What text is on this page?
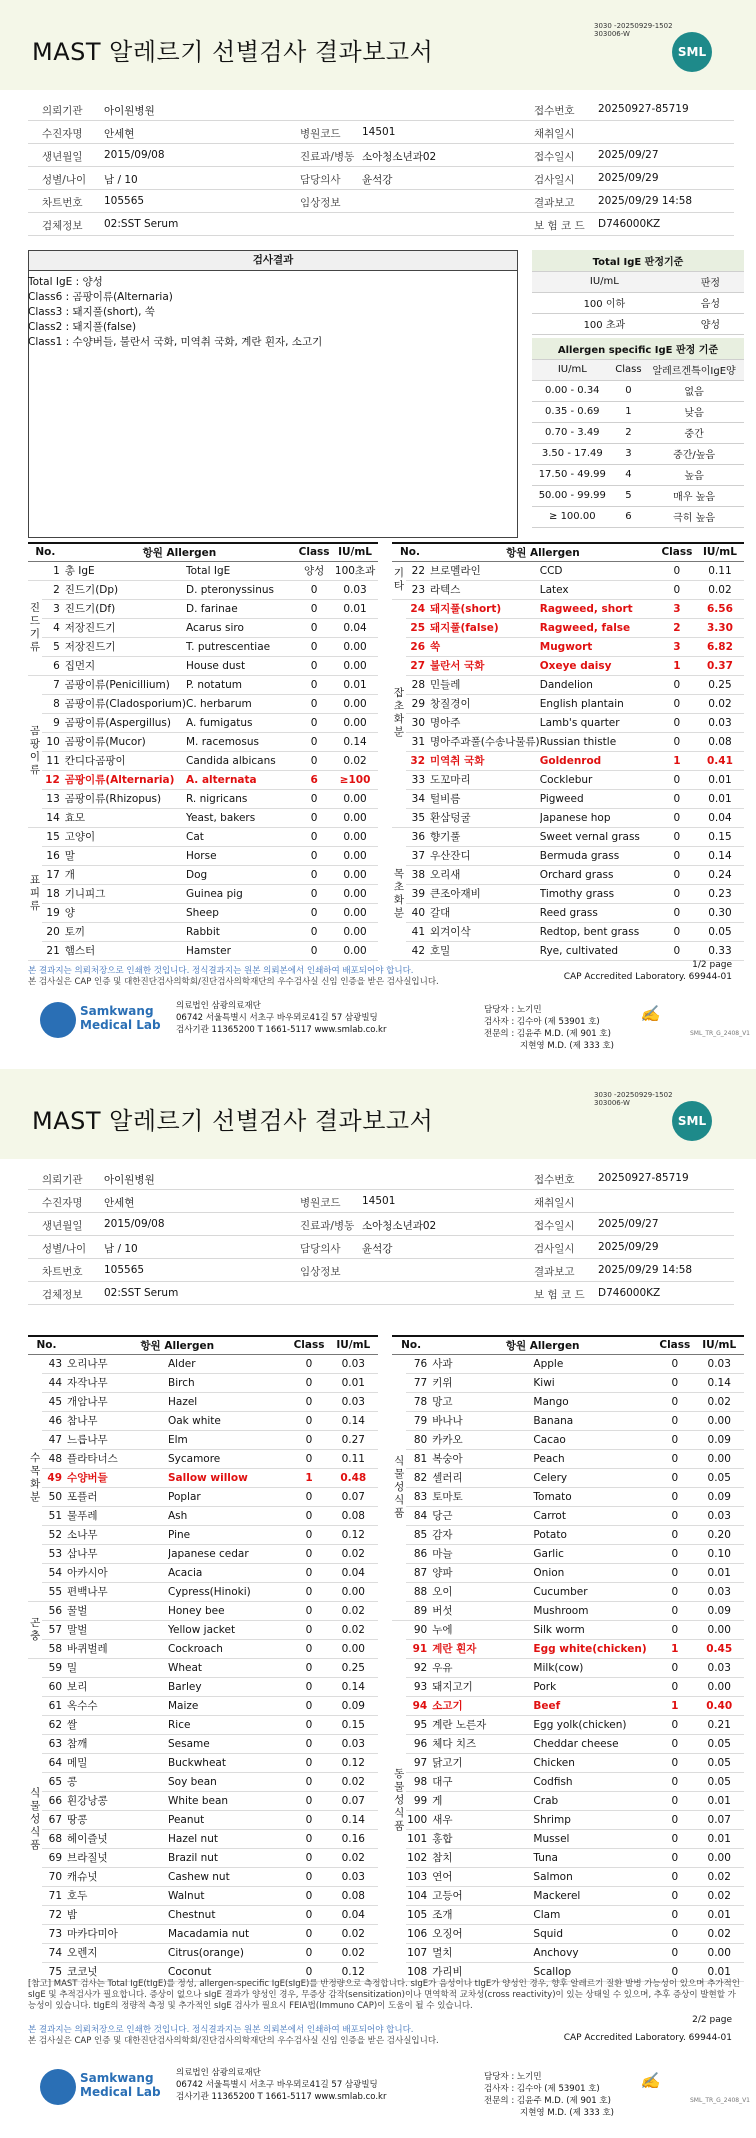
MAST 알레르기 선별검사 결과보고서
3030 -20250929-1502
303006-W
SML
의뢰기관 아이원병원	접수번호 20250927-85719
수진자명 안세현	병원코드 14501	채취일시
생년월일 2015/09/08	진료과/병동 소아청소년과02	접수일시 2025/09/27
성별/나이 남 / 10	담당의사 윤석강	검사일시 2025/09/29
차트번호 105565	임상정보	결과보고 2025/09/29 14:58
검체정보 02:SST Serum	보 험 코 드 D746000KZ
검사결과
Total IgE : 양성
Class6 : 곰팡이류(Alternaria)
Class3 : 돼지풀(short), 쑥
Class2 : 돼지풀(false)
Class1 : 수양버들, 불란서 국화, 미역취 국화, 계란 흰자, 소고기
Total IgE 판정기준	
IU/mL	판정
100 이하	음성
100 초과	양성
Allergen specific IgE 판정 기준		
IU/mL	Class	알레르겐특이IgE양
0.00 - 0.34	0	없음
0.35 - 0.69	1	낮음
0.70 - 3.49	2	중간
3.50 - 17.49	3	중간/높음
17.50 - 49.99	4	높음
50.00 - 99.99	5	매우 높음
≥ 100.00	6	극히 높음
No.		항원 Allergen		Class	IU/mL
	1	총 IgE	Total IgE	양성	100초과
진드기류	2	진드기(Dp)	D. pteronyssinus	0	0.03
	3	진드기(Df)	D. farinae	0	0.01
	4	저장진드기	Acarus siro	0	0.04
	5	저장진드기	T. putrescentiae	0	0.00
	6	집먼지	House dust	0	0.00
곰팡이류	7	곰팡이류(Penicillium)	P. notatum	0	0.01
	8	곰팡이류(Cladosporium)	C. herbarum	0	0.00
	9	곰팡이류(Aspergillus)	A. fumigatus	0	0.00
	10	곰팡이류(Mucor)	M. racemosus	0	0.14
	11	칸디다곰팡이	Candida albicans	0	0.02
	12	곰팡이류(Alternaria)	A. alternata	6	≥100
	13	곰팡이류(Rhizopus)	R. nigricans	0	0.00
	14	효모	Yeast, bakers	0	0.00
표피류	15	고양이	Cat	0	0.00
	16	말	Horse	0	0.00
	17	개	Dog	0	0.00
	18	기니피그	Guinea pig	0	0.00
	19	양	Sheep	0	0.00
	20	토끼	Rabbit	0	0.00
	21	햄스터	Hamster	0	0.00
No.		항원 Allergen		Class	IU/mL
기타	22	브로멜라인	CCD	0	0.11
	23	라텍스	Latex	0	0.02
잡초화분	24	돼지풀(short)	Ragweed, short	3	6.56
	25	돼지풀(false)	Ragweed, false	2	3.30
	26	쑥	Mugwort	3	6.82
	27	불란서 국화	Oxeye daisy	1	0.37
	28	민들레	Dandelion	0	0.25
	29	창질경이	English plantain	0	0.02
	30	명아주	Lamb's quarter	0	0.03
	31	명아주과풀(수송나물류)	Russian thistle	0	0.08
	32	미역취 국화	Goldenrod	1	0.41
	33	도꼬마리	Cocklebur	0	0.01
	34	털비름	Pigweed	0	0.01
	35	환삼덩굴	Japanese hop	0	0.04
목초화분	36	향기풀	Sweet vernal grass	0	0.15
	37	우산잔디	Bermuda grass	0	0.14
	38	오리새	Orchard grass	0	0.24
	39	큰조아재비	Timothy grass	0	0.23
	40	갈대	Reed grass	0	0.30
	41	외겨이삭	Redtop, bent grass	0	0.05
	42	호밀	Rye, cultivated	0	0.33
1/2 page
본 결과지는 의뢰처장으로 인쇄한 것입니다. 정식결과지는 원본 의뢰본에서 인쇄하여 배포되어야 합니다.
본 검사실은 CAP 인증 및 대한진단검사의학회/진단검사의학재단의 우수검사실 신임 인증을 받은 검사실입니다.	CAP Accredited Laboratory. 69944-01
Samkwang
Medical Lab
의료법인 삼광의료재단
06742 서울특별시 서초구 바우뫼로41길 57 삼광빌딩
검사기관 11365200 T 1661-5117 www.smlab.co.kr
담당자 : 노기민
검사자 : 김수아 (제 53901 호)
전문의 : 김윤주 M.D. (제 901 호)
지현영 M.D. (제 333 호)
✍
SML_TR_G_2408_V1
MAST 알레르기 선별검사 결과보고서
3030 -20250929-1502
303006-W
SML
의뢰기관 아이원병원	접수번호 20250927-85719
수진자명 안세현	병원코드 14501	채취일시
생년월일 2015/09/08	진료과/병동 소아청소년과02	접수일시 2025/09/27
성별/나이 남 / 10	담당의사 윤석강	검사일시 2025/09/29
차트번호 105565	임상정보	결과보고 2025/09/29 14:58
검체정보 02:SST Serum	보 험 코 드 D746000KZ
No.		항원 Allergen		Class	IU/mL
수목화분	43	오리나무	Alder	0	0.03
	44	자작나무	Birch	0	0.01
	45	개암나무	Hazel	0	0.03
	46	참나무	Oak white	0	0.14
	47	느릅나무	Elm	0	0.27
	48	플라타너스	Sycamore	0	0.11
	49	수양버들	Sallow willow	1	0.48
	50	포플러	Poplar	0	0.07
	51	물푸레	Ash	0	0.08
	52	소나무	Pine	0	0.12
	53	삼나무	Japanese cedar	0	0.02
	54	아카시아	Acacia	0	0.04
	55	편백나무	Cypress(Hinoki)	0	0.00
곤충	56	꿀벌	Honey bee	0	0.02
	57	말벌	Yellow jacket	0	0.02
	58	바퀴벌레	Cockroach	0	0.00
식물성식품	59	밀	Wheat	0	0.25
	60	보리	Barley	0	0.14
	61	옥수수	Maize	0	0.09
	62	쌀	Rice	0	0.15
	63	참깨	Sesame	0	0.03
	64	메밀	Buckwheat	0	0.12
	65	콩	Soy bean	0	0.02
	66	흰강낭콩	White bean	0	0.07
	67	땅콩	Peanut	0	0.14
	68	헤이즐넛	Hazel nut	0	0.16
	69	브라질넛	Brazil nut	0	0.02
	70	캐슈넛	Cashew nut	0	0.03
	71	호두	Walnut	0	0.08
	72	밤	Chestnut	0	0.04
	73	마카다미아	Macadamia nut	0	0.02
	74	오렌지	Citrus(orange)	0	0.02
	75	코코넛	Coconut	0	0.12
No.		항원 Allergen		Class	IU/mL
식물성식품	76	사과	Apple	0	0.03
	77	키위	Kiwi	0	0.14
	78	망고	Mango	0	0.02
	79	바나나	Banana	0	0.00
	80	카카오	Cacao	0	0.09
	81	복숭아	Peach	0	0.00
	82	셀러리	Celery	0	0.05
	83	토마토	Tomato	0	0.09
	84	당근	Carrot	0	0.03
	85	감자	Potato	0	0.20
	86	마늘	Garlic	0	0.10
	87	양파	Onion	0	0.01
	88	오이	Cucumber	0	0.03
	89	버섯	Mushroom	0	0.09
동물성식품	90	누에	Silk worm	0	0.00
	91	계란 흰자	Egg white(chicken)	1	0.45
	92	우유	Milk(cow)	0	0.03
	93	돼지고기	Pork	0	0.00
	94	소고기	Beef	1	0.40
	95	계란 노른자	Egg yolk(chicken)	0	0.21
	96	체다 치즈	Cheddar cheese	0	0.05
	97	닭고기	Chicken	0	0.05
	98	대구	Codfish	0	0.05
	99	게	Crab	0	0.01
	100	새우	Shrimp	0	0.07
	101	홍합	Mussel	0	0.01
	102	참치	Tuna	0	0.00
	103	연어	Salmon	0	0.02
	104	고등어	Mackerel	0	0.02
	105	조개	Clam	0	0.01
	106	오징어	Squid	0	0.02
	107	멸치	Anchovy	0	0.00
	108	가리비	Scallop	0	0.01
[참고] MAST 검사는 Total IgE(tIgE)를 정성, allergen-specific IgE(sIgE)를 반정량으로 측정합니다. sIgE가 음성이나 tIgE가 양성인 경우, 향후 알레르기 질환 발병 가능성이 있으며 추가적인 sIgE 및 추적검사가 필요합니다. 증상이 없으나 sIgE 결과가 양성인 경우, 무증상 감작(sensitization)이나 면역학적 교차성(cross reactivity)이 있는 상태일 수 있으며, 추후 증상이 발현할 가능성이 있습니다. tIgE의 정량적 측정 및 추가적인 sIgE 검사가 필요시 FEIA법(Immuno CAP)이 도움이 될 수 있습니다.
2/2 page
본 결과지는 의뢰처장으로 인쇄한 것입니다. 정식결과지는 원본 의뢰본에서 인쇄하여 배포되어야 합니다.
본 검사실은 CAP 인증 및 대한진단검사의학회/진단검사의학재단의 우수검사실 신임 인증을 받은 검사실입니다.	CAP Accredited Laboratory. 69944-01
Samkwang
Medical Lab
의료법인 삼광의료재단
06742 서울특별시 서초구 바우뫼로41길 57 삼광빌딩
검사기관 11365200 T 1661-5117 www.smlab.co.kr
담당자 : 노기민
검사자 : 김수아 (제 53901 호)
전문의 : 김윤주 M.D. (제 901 호)
지현영 M.D. (제 333 호)
✍
SML_TR_G_2408_V1
